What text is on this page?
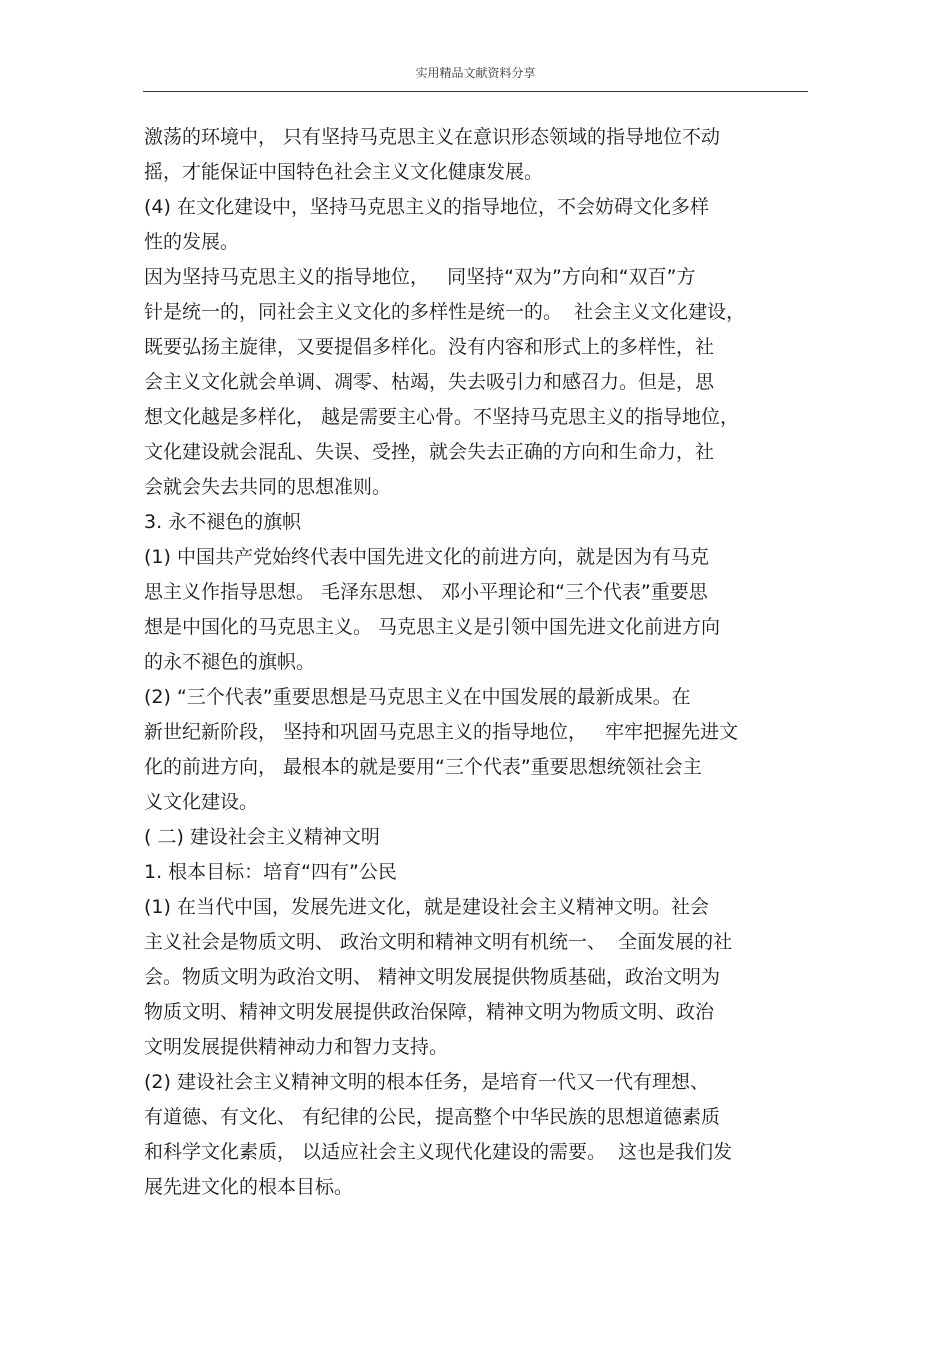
实用精品文献资料分享
激荡的环境中， 只有坚持马克思主义在意识形态领域的指导地位不动
摇，才能保证中国特色社会主义文化健康发展。
(4) 在文化建设中，坚持马克思主义的指导地位，不会妨碍文化多样
性的发展。
因为坚持马克思主义的指导地位，   同坚持“双为”方向和“双百”方
针是统一的，同社会主义文化的多样性是统一的。  社会主义文化建设，
既要弘扬主旋律，又要提倡多样化。没有内容和形式上的多样性，社
会主义文化就会单调、凋零、枯竭，失去吸引力和感召力。但是，思
想文化越是多样化， 越是需要主心骨。不坚持马克思主义的指导地位，
文化建设就会混乱、失误、受挫，就会失去正确的方向和生命力，社
会就会失去共同的思想准则。
3. 永不褪色的旗帜
(1) 中国共产党始终代表中国先进文化的前进方向，就是因为有马克
思主义作指导思想。 毛泽东思想、 邓小平理论和“三个代表”重要思
想是中国化的马克思主义。 马克思主义是引领中国先进文化前进方向
的永不褪色的旗帜。
(2) “三个代表”重要思想是马克思主义在中国发展的最新成果。在
新世纪新阶段， 坚持和巩固马克思主义的指导地位，   牢牢把握先进文
化的前进方向， 最根本的就是要用“三个代表”重要思想统领社会主
义文化建设。
( 二) 建设社会主义精神文明
1. 根本目标：培育“四有”公民
(1) 在当代中国，发展先进文化，就是建设社会主义精神文明。社会
主义社会是物质文明、 政治文明和精神文明有机统一、  全面发展的社
会。物质文明为政治文明、 精神文明发展提供物质基础，政治文明为
物质文明、精神文明发展提供政治保障，精神文明为物质文明、政治
文明发展提供精神动力和智力支持。
(2) 建设社会主义精神文明的根本任务，是培育一代又一代有理想、
有道德、有文化、 有纪律的公民，提高整个中华民族的思想道德素质
和科学文化素质， 以适应社会主义现代化建设的需要。  这也是我们发
展先进文化的根本目标。
